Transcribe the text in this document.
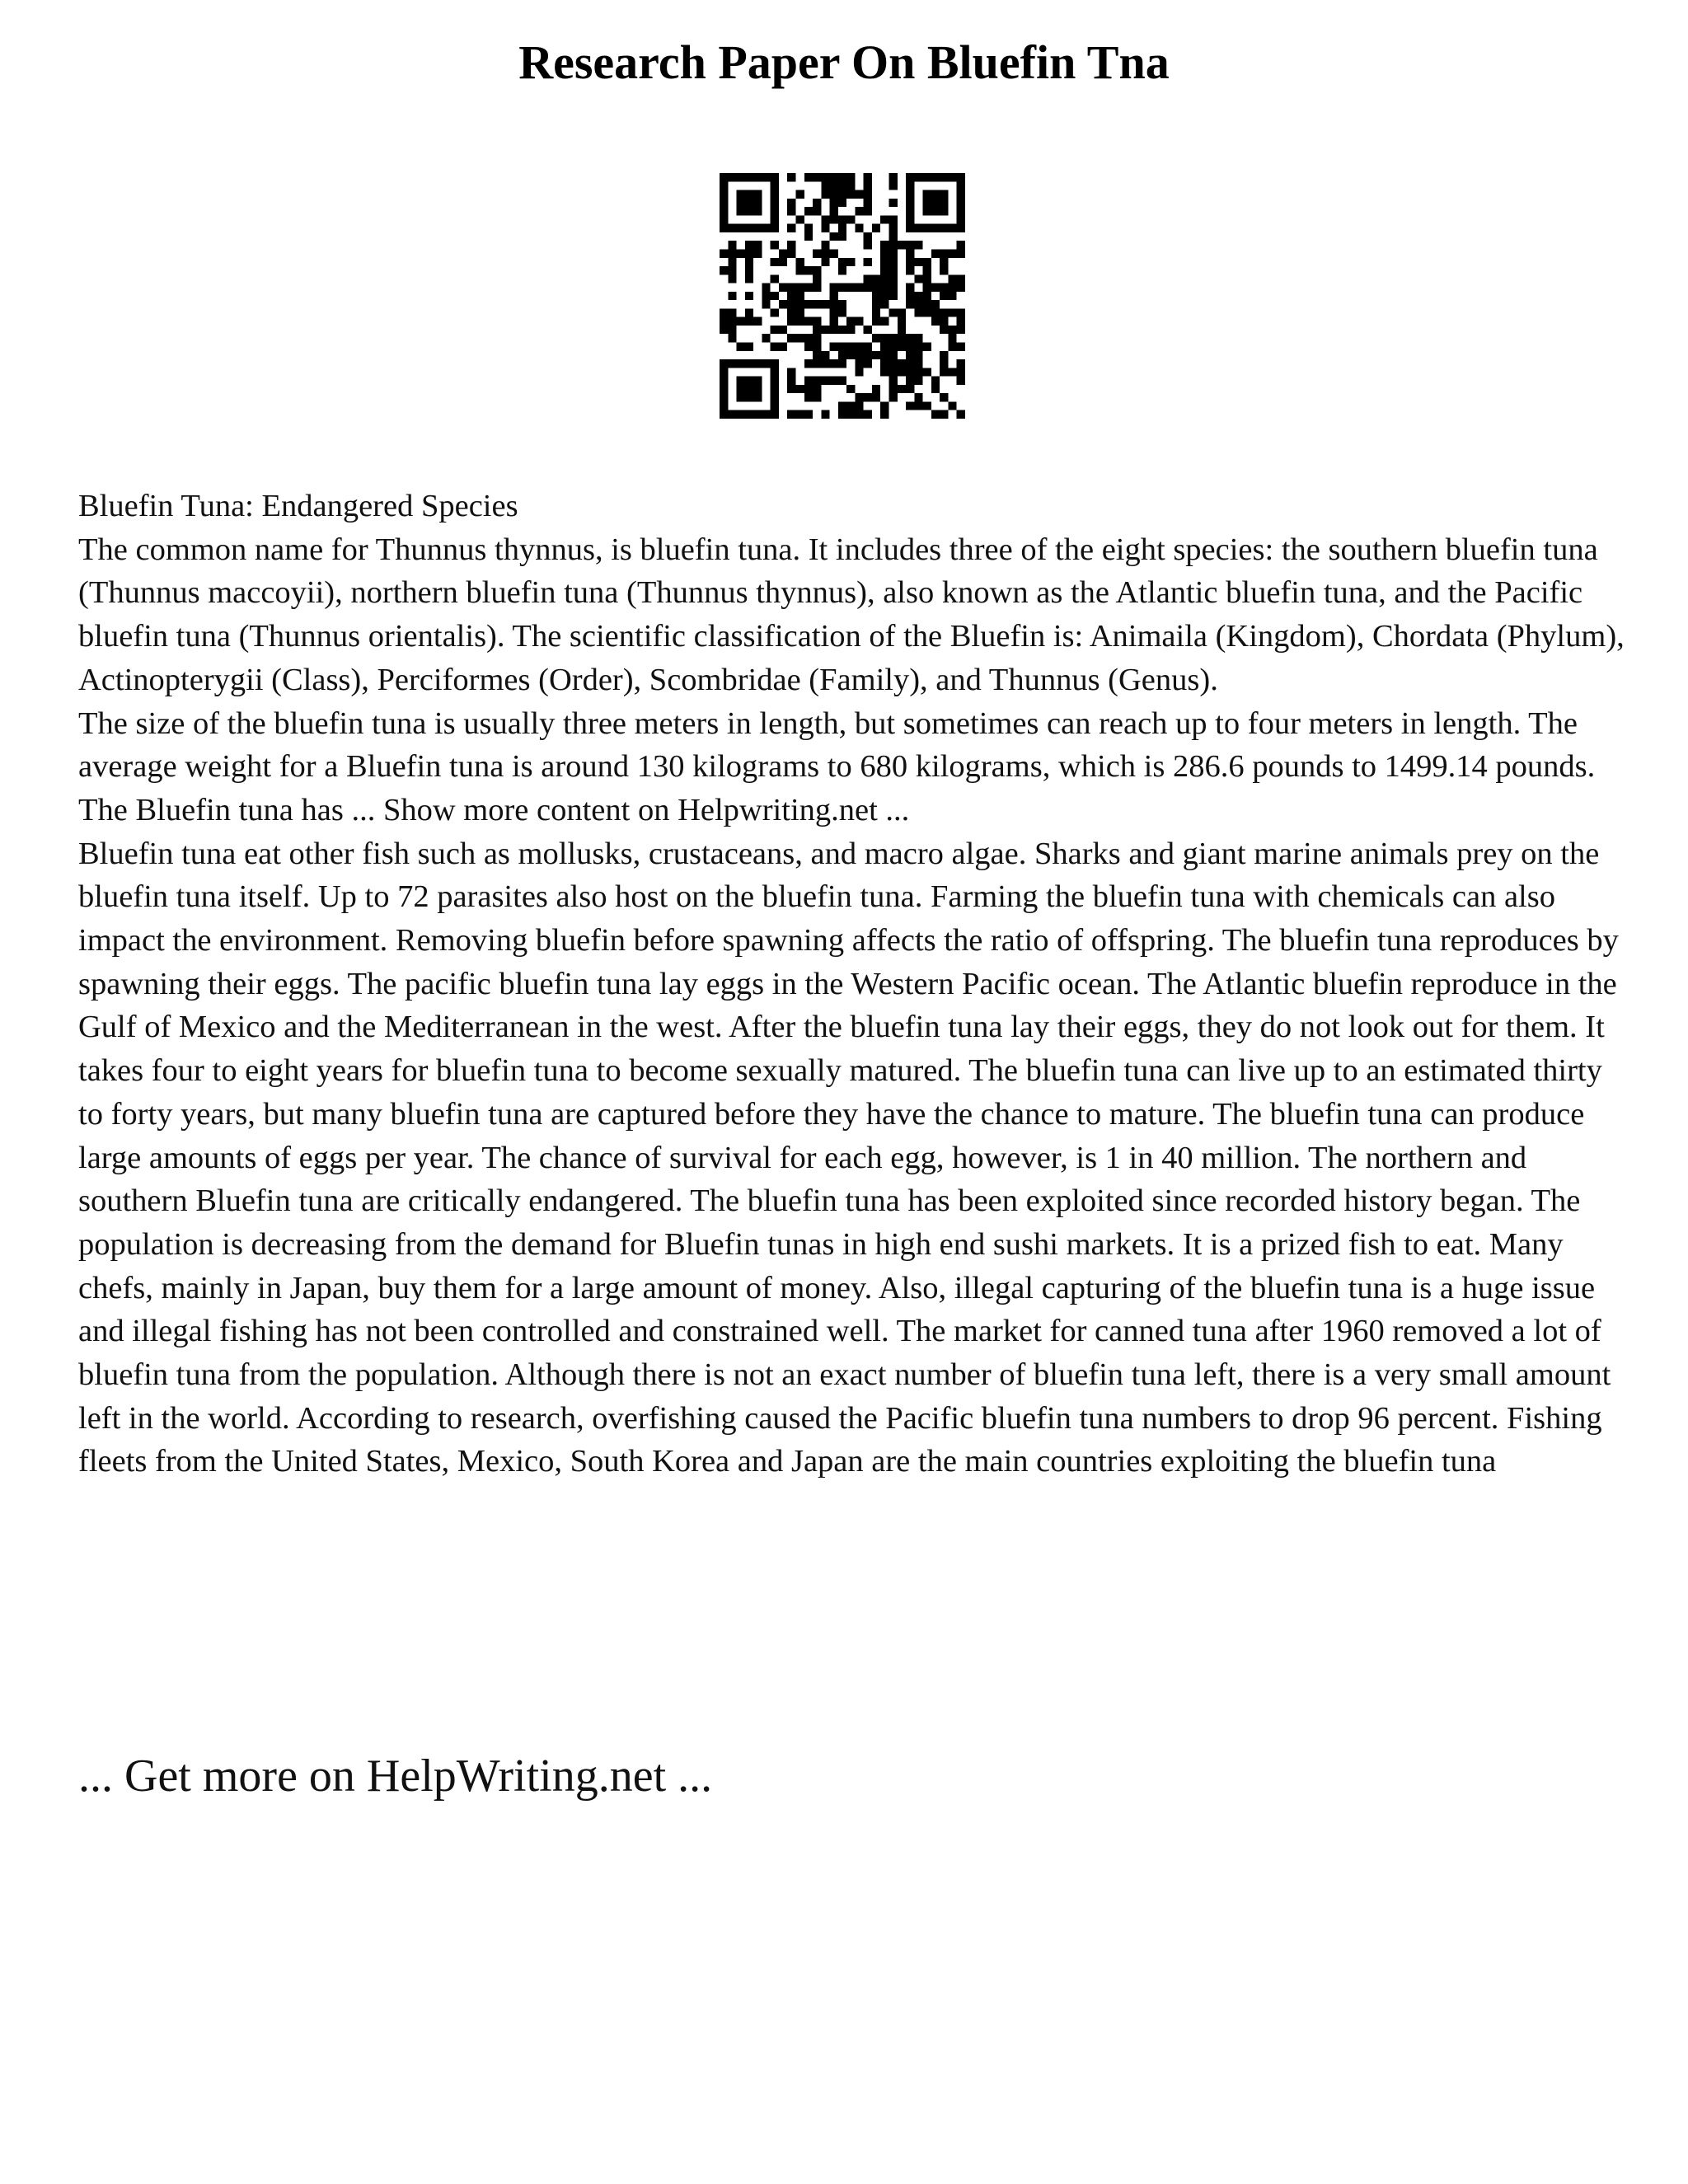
Research Paper On Bluefin Tna

Bluefin Tuna: Endangered Species

The common name for Thunnus thynnus, is bluefin tuna. It includes three of the eight species: the southern bluefin tuna (Thunnus maccoyii), northern bluefin tuna (Thunnus thynnus), also known as the Atlantic bluefin tuna, and the Pacific bluefin tuna (Thunnus orientalis). The scientific classification of the Bluefin is: Animaila (Kingdom), Chordata (Phylum), Actinopterygii (Class), Perciformes (Order), Scombridae (Family), and Thunnus (Genus).

The size of the bluefin tuna is usually three meters in length, but sometimes can reach up to four meters in length. The average weight for a Bluefin tuna is around 130 kilograms to 680 kilograms, which is 286.6 pounds to 1499.14 pounds. The Bluefin tuna has ... Show more content on Helpwriting.net ...

Bluefin tuna eat other fish such as mollusks, crustaceans, and macro algae. Sharks and giant marine animals prey on the bluefin tuna itself. Up to 72 parasites also host on the bluefin tuna. Farming the bluefin tuna with chemicals can also impact the environment. Removing bluefin before spawning affects the ratio of offspring. The bluefin tuna reproduces by spawning their eggs. The pacific bluefin tuna lay eggs in the Western Pacific ocean. The Atlantic bluefin reproduce in the Gulf of Mexico and the Mediterranean in the west. After the bluefin tuna lay their eggs, they do not look out for them. It takes four to eight years for bluefin tuna to become sexually matured. The bluefin tuna can live up to an estimated thirty to forty years, but many bluefin tuna are captured before they have the chance to mature. The bluefin tuna can produce large amounts of eggs per year. The chance of survival for each egg, however, is 1 in 40 million. The northern and southern Bluefin tuna are critically endangered. The bluefin tuna has been exploited since recorded history began. The population is decreasing from the demand for Bluefin tunas in high end sushi markets. It is a prized fish to eat. Many chefs, mainly in Japan, buy them for a large amount of money. Also, illegal capturing of the bluefin tuna is a huge issue and illegal fishing has not been controlled and constrained well. The market for canned tuna after 1960 removed a lot of bluefin tuna from the population. Although there is not an exact number of bluefin tuna left, there is a very small amount left in the world. According to research, overfishing caused the Pacific bluefin tuna numbers to drop 96 percent. Fishing fleets from the United States, Mexico, South Korea and Japan are the main countries exploiting the bluefin tuna

... Get more on HelpWriting.net ...
